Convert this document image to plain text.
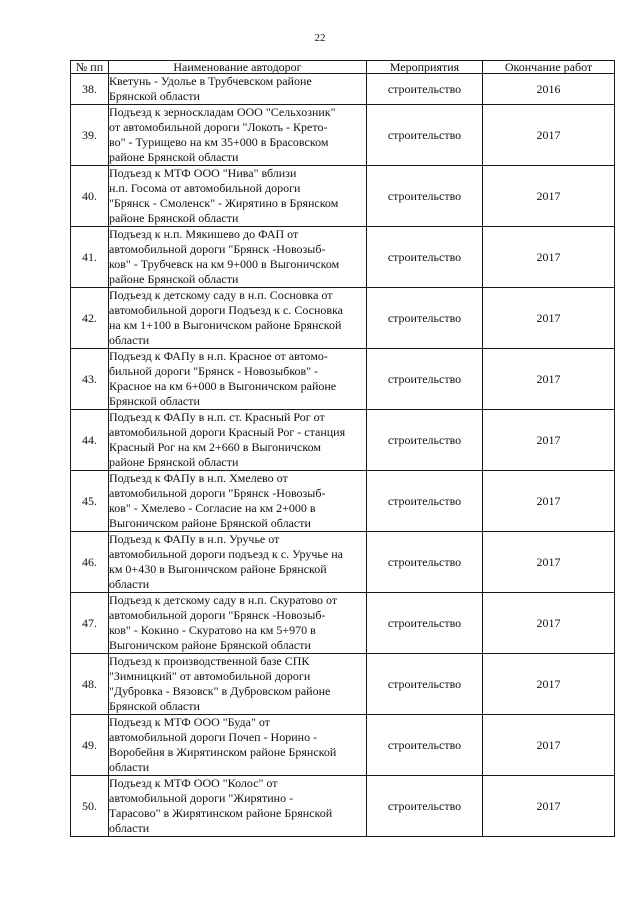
22
№ пп	Наименование автодорог	Мероприятия	Окончание работ
38.	Кветунь - Удолье в Трубчевском районе
Брянской области	строительство	2016
39.	Подъезд к зерноскладам ООО "Сельхозник"
от автомобильной дороги "Локоть - Крето-
во" - Турищево на км 35+000 в Брасовском
районе Брянской области	строительство	2017
40.	Подъезд к МТФ ООО "Нива" вблизи
н.п. Госома от автомобильной дороги
"Брянск - Смоленск" - Жирятино в Брянском
районе Брянской области	строительство	2017
41.	Подъезд к н.п. Мякишево до ФАП от
автомобильной дороги "Брянск -Новозыб-
ков" - Трубчевск на км 9+000 в Выгоничском
районе Брянской области	строительство	2017
42.	Подъезд к детскому саду в н.п. Сосновка от
автомобильной дороги Подъезд к с. Сосновка
на км 1+100 в Выгоничском районе Брянской
области	строительство	2017
43.	Подъезд к ФАПу в н.п. Красное от автомо-
бильной дороги "Брянск - Новозыбков" -
Красное на км 6+000 в Выгоничском районе
Брянской области	строительство	2017
44.	Подъезд к ФАПу в н.п. ст. Красный Рог от
автомобильной дороги Красный Рог - станция
Красный Рог на км 2+660 в Выгоничском
районе Брянской области	строительство	2017
45.	Подъезд к ФАПу в н.п. Хмелево от
автомобильной дороги "Брянск -Новозыб-
ков" - Хмелево - Согласие на км 2+000 в
Выгоничском районе Брянской области	строительство	2017
46.	Подъезд к ФАПу в н.п. Уручье от
автомобильной дороги подъезд к с. Уручье на
км 0+430 в Выгоничском районе Брянской
области	строительство	2017
47.	Подъезд к детскому саду в н.п. Скуратово от
автомобильной дороги "Брянск -Новозыб-
ков" - Кокино - Скуратово на км 5+970 в
Выгоничском районе Брянской области	строительство	2017
48.	Подъезд к производственной базе СПК
"Зимницкий" от автомобильной дороги
"Дубровка - Вязовск" в Дубровском районе
Брянской области	строительство	2017
49.	Подъезд к МТФ ООО "Буда" от
автомобильной дороги Почеп - Норино -
Воробейня в Жирятинском районе Брянской
области	строительство	2017
50.	Подъезд к МТФ ООО "Колос" от
автомобильной дороги "Жирятино -
Тарасово" в Жирятинском районе Брянской
области	строительство	2017
